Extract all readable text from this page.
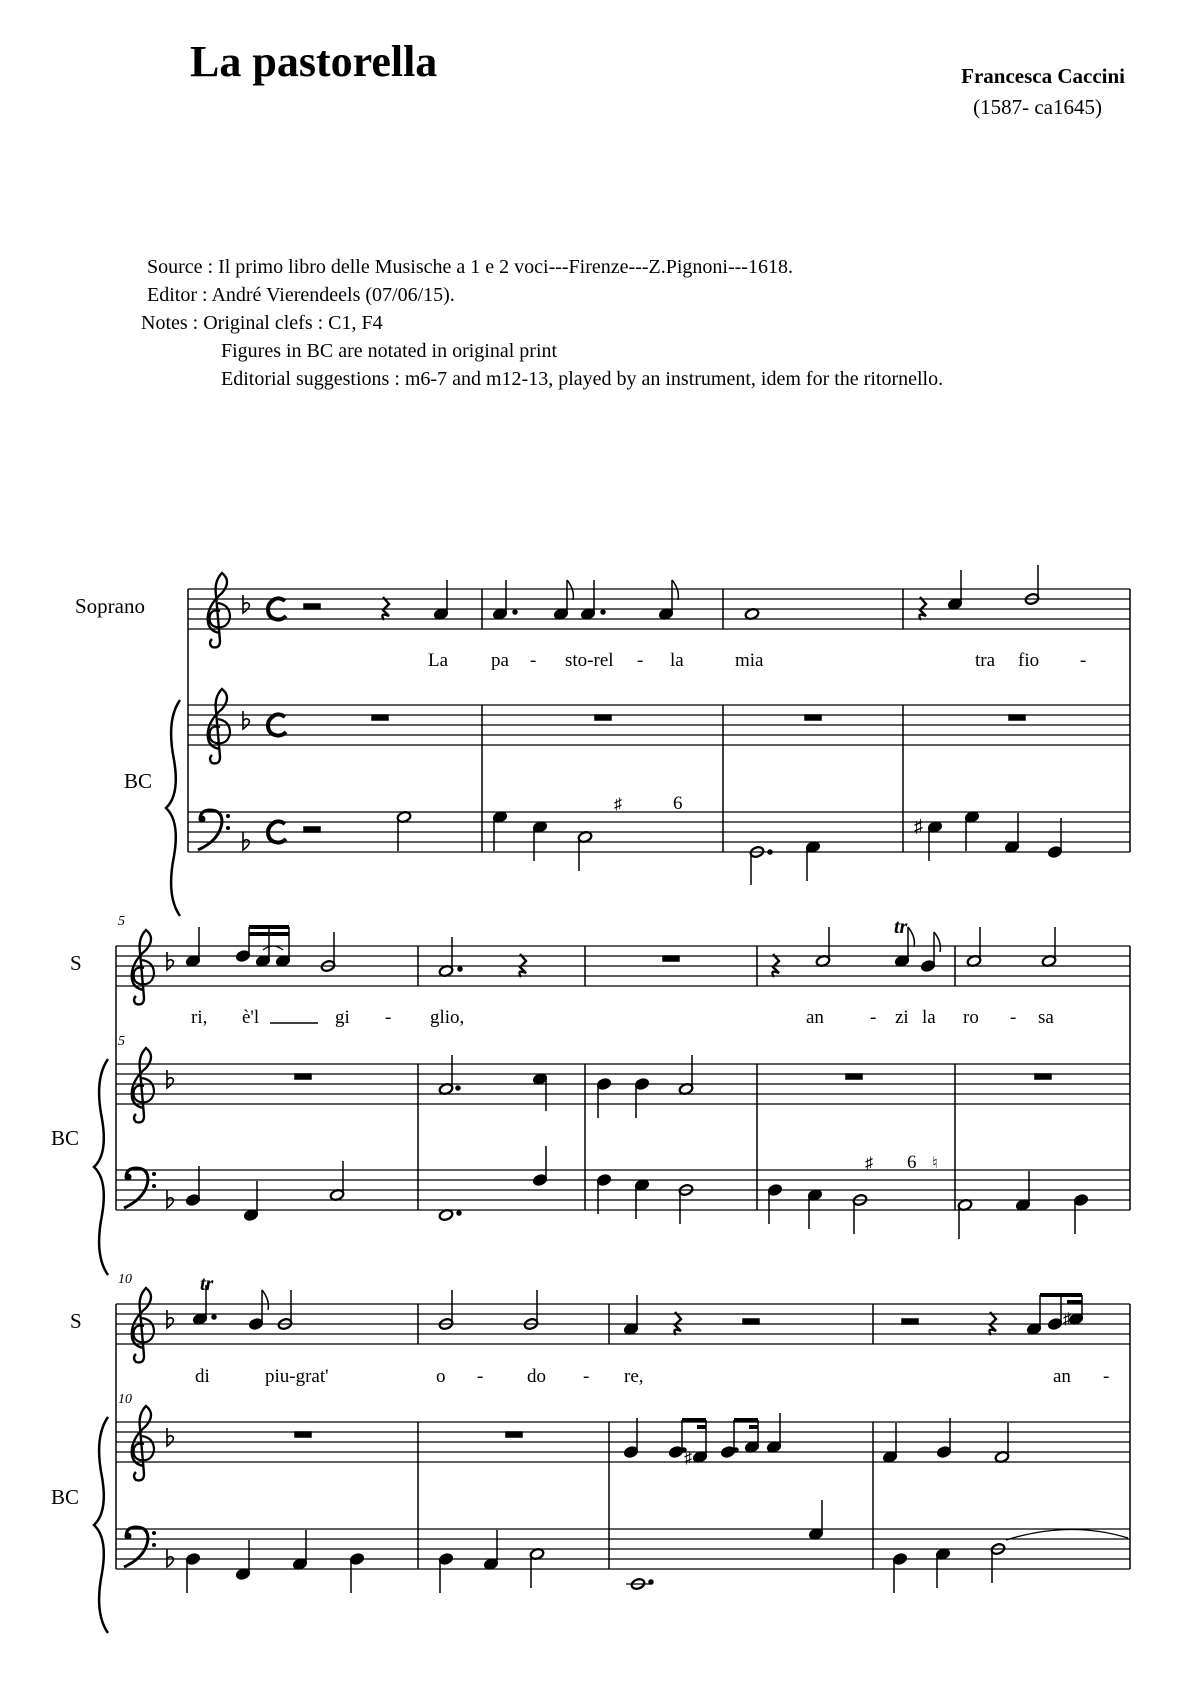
La pastorella	Francesca Caccini
(1587- ca1645)
Source : Il primo libro delle Musische a 1 e 2 voci---Firenze---Z.Pignoni---1618.
Editor : André Vierendeels (07/06/15).
Notes : Original clefs : C1, F4
Figures in BC are notated in original print
Editorial suggestions : m6-7 and m12-13, played by an instrument, idem for the ritornello.
Soprano
BC
S
BC
S
BC
5
5
10
10
♯
tr
tr
♯
♯
La pa - sto-rel - la	mia	tra fio -
ri, è'l	gi - glio,	an - zi la ro - sa
di	piu-grat'	o - do - re,	an -
♯	6
♯ 6 ♮
